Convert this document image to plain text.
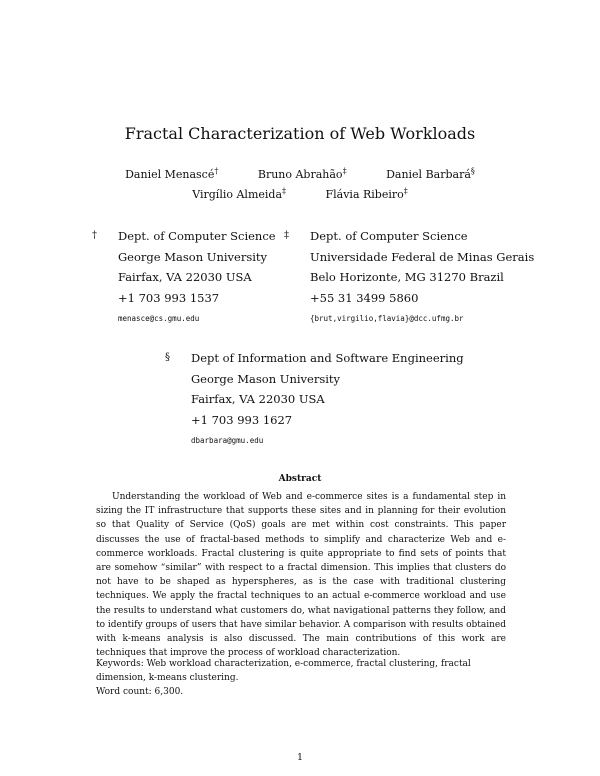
Fractal Characterization of Web Workloads
Daniel Menascé†	Bruno Abrahão‡	Daniel Barbará§
Virgílio Almeida‡	Flávia Ribeiro‡
† Dept. of Computer Science
George Mason University
Fairfax, VA 22030 USA
+1 703 993 1537
menasce@cs.gmu.edu
‡ Dept. of Computer Science
Universidade Federal de Minas Gerais
Belo Horizonte, MG 31270 Brazil
+55 31 3499 5860
{brut,virgilio,flavia}@dcc.ufmg.br
§ Dept of Information and Software Engineering
George Mason University
Fairfax, VA 22030 USA
+1 703 993 1627
dbarbara@gmu.edu
Abstract

Understanding the workload of Web and e-commerce sites is a fundamental step in sizing the IT infrastructure that supports these sites and in planning for their evolution so that Quality of Service (QoS) goals are met within cost constraints. This paper discusses the use of fractal-based methods to simplify and characterize Web and e-commerce workloads. Fractal clustering is quite appropriate to find sets of points that are somehow “similar” with respect to a fractal dimension. This implies that clusters do not have to be shaped as hyperspheres, as is the case with traditional clustering techniques. We apply the fractal techniques to an actual e-commerce workload and use the results to understand what customers do, what navigational patterns they follow, and to identify groups of users that have similar behavior. A comparison with results obtained with k-means analysis is also discussed. The main contributions of this work are techniques that improve the process of workload characterization.

Keywords: Web workload characterization, e-commerce, fractal clustering, fractal dimension, k-means clustering.
Word count: 6,300.
1
